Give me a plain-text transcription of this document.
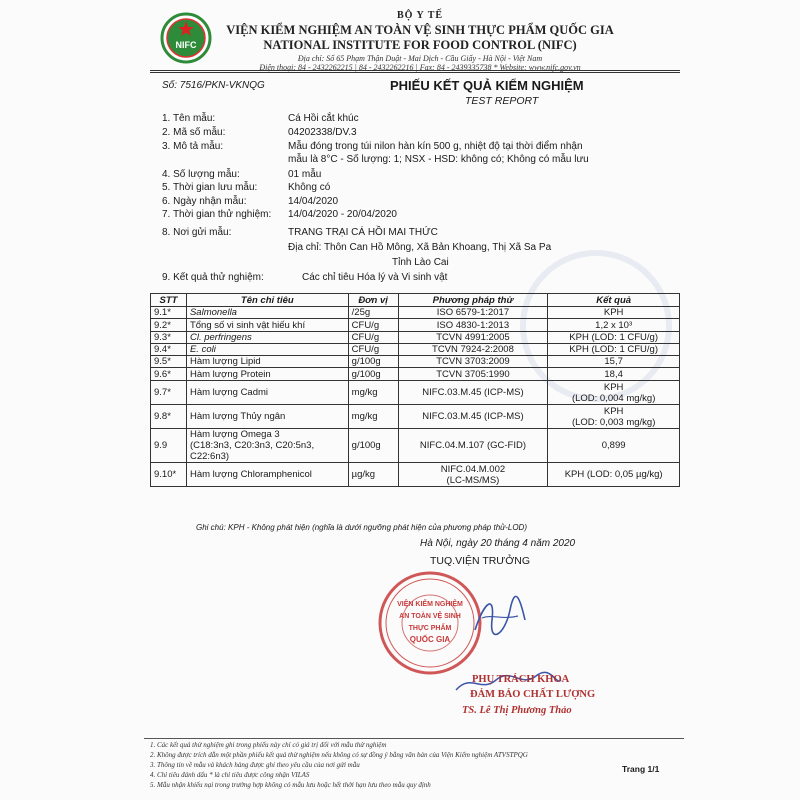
NIFC
BỘ Y TẾ
VIỆN KIỂM NGHIỆM AN TOÀN VỆ SINH THỰC PHẨM QUỐC GIA
NATIONAL INSTITUTE FOR FOOD CONTROL (NIFC)
Địa chỉ: Số 65 Phạm Thận Duật - Mai Dịch - Cầu Giấy - Hà Nội - Việt Nam
Điện thoại: 84 - 2432262215 | 84 - 2432262216 | Fax: 84 - 2439335738 * Website: www.nifc.gov.vn
Số: 7516/PKN-VKNQG	PHIẾU KẾT QUẢ KIỂM NGHIỆM
TEST REPORT
1. Tên mẫu:	Cá Hồi cắt khúc
2. Mã số mẫu:	04202338/DV.3
3. Mô tả mẫu:	Mẫu đóng trong túi nilon hàn kín 500 g, nhiệt độ tại thời điểm nhận
mẫu là 8°C - Số lượng: 1; NSX - HSD: không có; Không có mẫu lưu
4. Số lượng mẫu:	01 mẫu
5. Thời gian lưu mẫu:	Không có
6. Ngày nhận mẫu:	14/04/2020
7. Thời gian thử nghiệm: 14/04/2020 - 20/04/2020
8. Nơi gửi mẫu:	TRANG TRẠI CÁ HỒI MAI THỨC
Địa chỉ: Thôn Can Hồ Mông, Xã Bản Khoang, Thị Xã Sa Pa
Tỉnh Lào Cai
9. Kết quả thử nghiệm:	Các chỉ tiêu Hóa lý và Vi sinh vật
STT	Tên chỉ tiêu	Đơn vị	Phương pháp thử	Kết quả
9.1*	Salmonella	/25g	ISO 6579-1:2017	KPH

9.2*	Tổng số vi sinh vật hiếu khí	CFU/g	ISO 4830-1:2013	1,2 x 10³

9.3*	Cl. perfringens	CFU/g	TCVN 4991:2005	KPH (LOD: 1 CFU/g)

9.4*	E. coli	CFU/g	TCVN 7924-2:2008	KPH (LOD: 1 CFU/g)

9.5*	Hàm lượng Lipid	g/100g	TCVN 3703:2009	15,7

9.6*	Hàm lượng Protein	g/100g	TCVN 3705:1990	18,4

9.7*	Hàm lượng Cadmi	mg/kg	NIFC.03.M.45 (ICP-MS)	KPH
(LOD: 0,004 mg/kg)

9.8*	Hàm lượng Thủy ngân	mg/kg	NIFC.03.M.45 (ICP-MS)	KPH
(LOD: 0,003 mg/kg)

9.9	Hàm lượng Omega 3
(C18:3n3, C20:3n3, C20:5n3,
C22:6n3)	g/100g	NIFC.04.M.107 (GC-FID)	0,899

9.10*	Hàm lượng Chloramphenicol	µg/kg	NIFC.04.M.002
(LC-MS/MS)	KPH (LOD: 0,05 µg/kg)
Ghi chú: KPH - Không phát hiện (nghĩa là dưới ngưỡng phát hiện của phương pháp thử-LOD)
Hà Nội, ngày 20 tháng 4 năm 2020
TUQ.VIỆN TRƯỞNG
VIỆN KIỂM NGHIỆM
AN TOÀN VỆ SINH
THỰC PHẨM
QUỐC GIA
PHỤ TRÁCH KHOA
ĐẢM BẢO CHẤT LƯỢNG
TS. Lê Thị Phương Thảo
1. Các kết quả thử nghiệm ghi trong phiếu này chỉ có giá trị đối với mẫu thử nghiệm
2. Không được trích dẫn một phần phiếu kết quả thử nghiệm nếu không có sự đồng ý bằng văn bản của Viện Kiểm nghiệm ATVSTPQG
3. Thông tin về mẫu và khách hàng được ghi theo yêu cầu của nơi gửi mẫu
4. Chỉ tiêu đánh dấu * là chỉ tiêu được công nhận VILAS
5. Mẫu nhận khiếu nại trong trường hợp không có mẫu lưu hoặc hết thời hạn lưu theo mẫu quy định
Trang 1/1
